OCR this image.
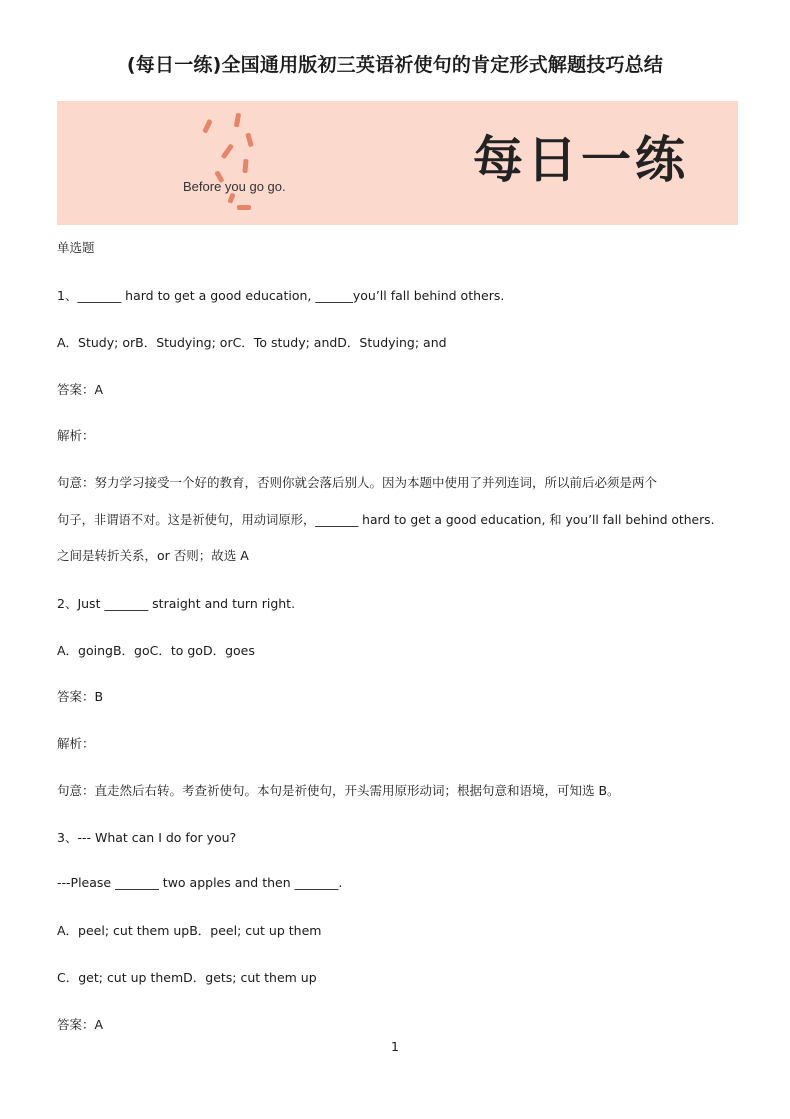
(每日一练)全国通用版初三英语祈使句的肯定形式解题技巧总结
Before you go go.	每日一练
单选题
1、_______ hard to get a good education, ______you’ll fall behind others.
A．Study; orB．Studying; orC．To study; andD．Studying; and
答案：A
解析：
句意：努力学习接受一个好的教育，否则你就会落后别人。因为本题中使用了并列连词，所以前后必须是两个
句子，非谓语不对。这是祈使句，用动词原形，_______ hard to get a good education, 和 you’ll fall behind others.
之间是转折关系，or 否则；故选 A
2、Just _______ straight and turn right.
A．goingB．goC．to goD．goes
答案：B
解析：
句意：直走然后右转。考查祈使句。本句是祈使句，开头需用原形动词；根据句意和语境，可知选 B。
3、--- What can I do for you?
---Please _______ two apples and then _______.
A．peel; cut them upB．peel; cut up them
C．get; cut up themD．gets; cut them up
答案：A
1
